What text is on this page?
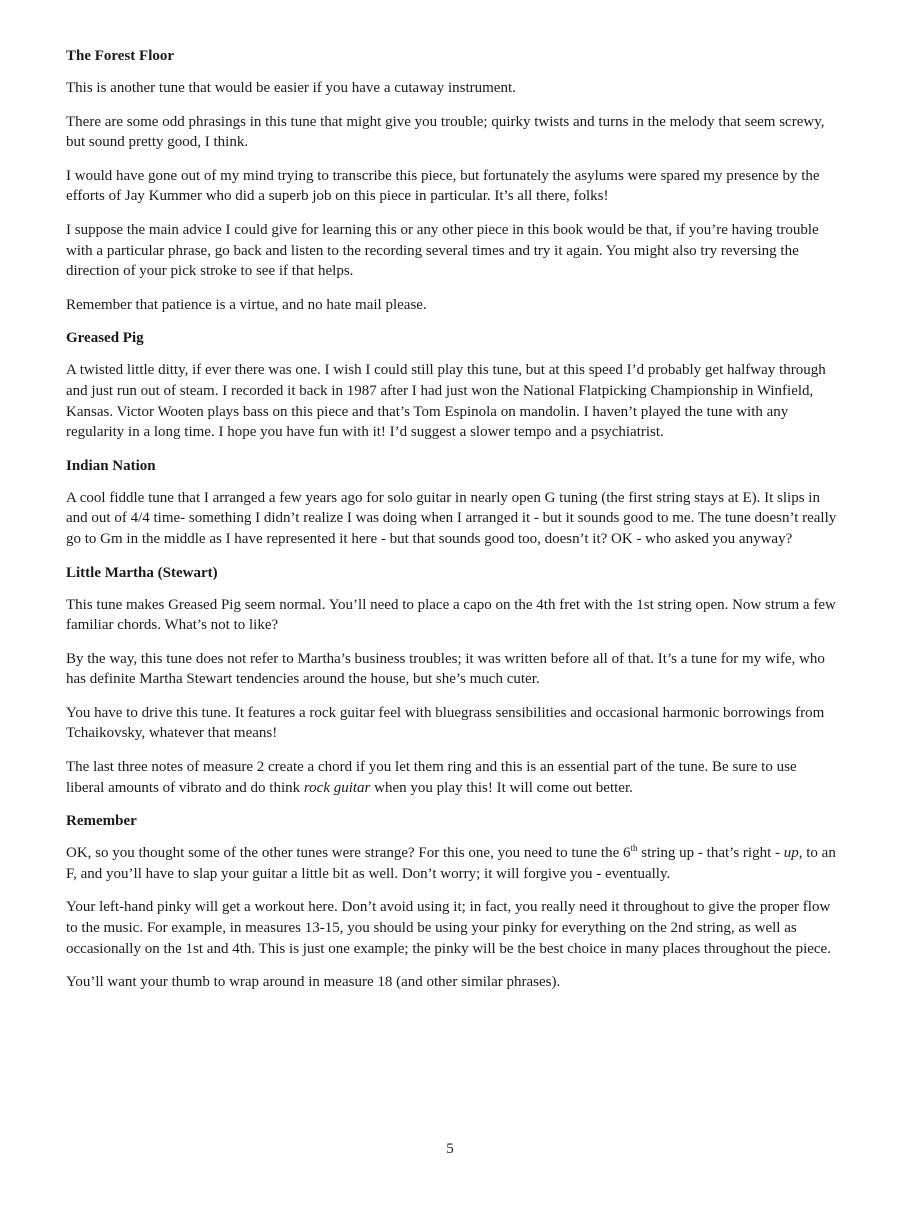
The Forest Floor

This is another tune that would be easier if you have a cutaway instrument.

There are some odd phrasings in this tune that might give you trouble; quirky twists and turns in the melody that seem screwy, but sound pretty good, I think.

I would have gone out of my mind trying to transcribe this piece, but fortunately the asylums were spared my presence by the efforts of Jay Kummer who did a superb job on this piece in particular. It’s all there, folks!

I suppose the main advice I could give for learning this or any other piece in this book would be that, if you’re having trouble with a particular phrase, go back and listen to the recording several times and try it again. You might also try reversing the direction of your pick stroke to see if that helps.

Remember that patience is a virtue, and no hate mail please.

Greased Pig

A twisted little ditty, if ever there was one. I wish I could still play this tune, but at this speed I’d probably get halfway through and just run out of steam. I recorded it back in 1987 after I had just won the National Flatpicking Championship in Winfield, Kansas. Victor Wooten plays bass on this piece and that’s Tom Espinola on mandolin. I haven’t played the tune with any regularity in a long time. I hope you have fun with it! I’d suggest a slower tempo and a psychiatrist.

Indian Nation

A cool fiddle tune that I arranged a few years ago for solo guitar in nearly open G tuning (the first string stays at E). It slips in and out of 4/4 time- something I didn’t realize I was doing when I arranged it - but it sounds good to me. The tune doesn’t really go to Gm in the middle as I have represented it here - but that sounds good too, doesn’t it? OK - who asked you anyway?

Little Martha (Stewart)

This tune makes Greased Pig seem normal. You’ll need to place a capo on the 4th fret with the 1st string open. Now strum a few familiar chords. What’s not to like?

By the way, this tune does not refer to Martha’s business troubles; it was written before all of that. It’s a tune for my wife, who has definite Martha Stewart tendencies around the house, but she’s much cuter.

You have to drive this tune. It features a rock guitar feel with bluegrass sensibilities and occasional harmonic borrowings from Tchaikovsky, whatever that means!

The last three notes of measure 2 create a chord if you let them ring and this is an essential part of the tune. Be sure to use liberal amounts of vibrato and do think rock guitar when you play this! It will come out better.

Remember

OK, so you thought some of the other tunes were strange? For this one, you need to tune the 6th string up - that’s right - up, to an F, and you’ll have to slap your guitar a little bit as well. Don’t worry; it will forgive you - eventually.

Your left-hand pinky will get a workout here. Don’t avoid using it; in fact, you really need it throughout to give the proper flow to the music. For example, in measures 13-15, you should be using your pinky for everything on the 2nd string, as well as occasionally on the 1st and 4th. This is just one example; the pinky will be the best choice in many places throughout the piece.

You’ll want your thumb to wrap around in measure 18 (and other similar phrases).

5
